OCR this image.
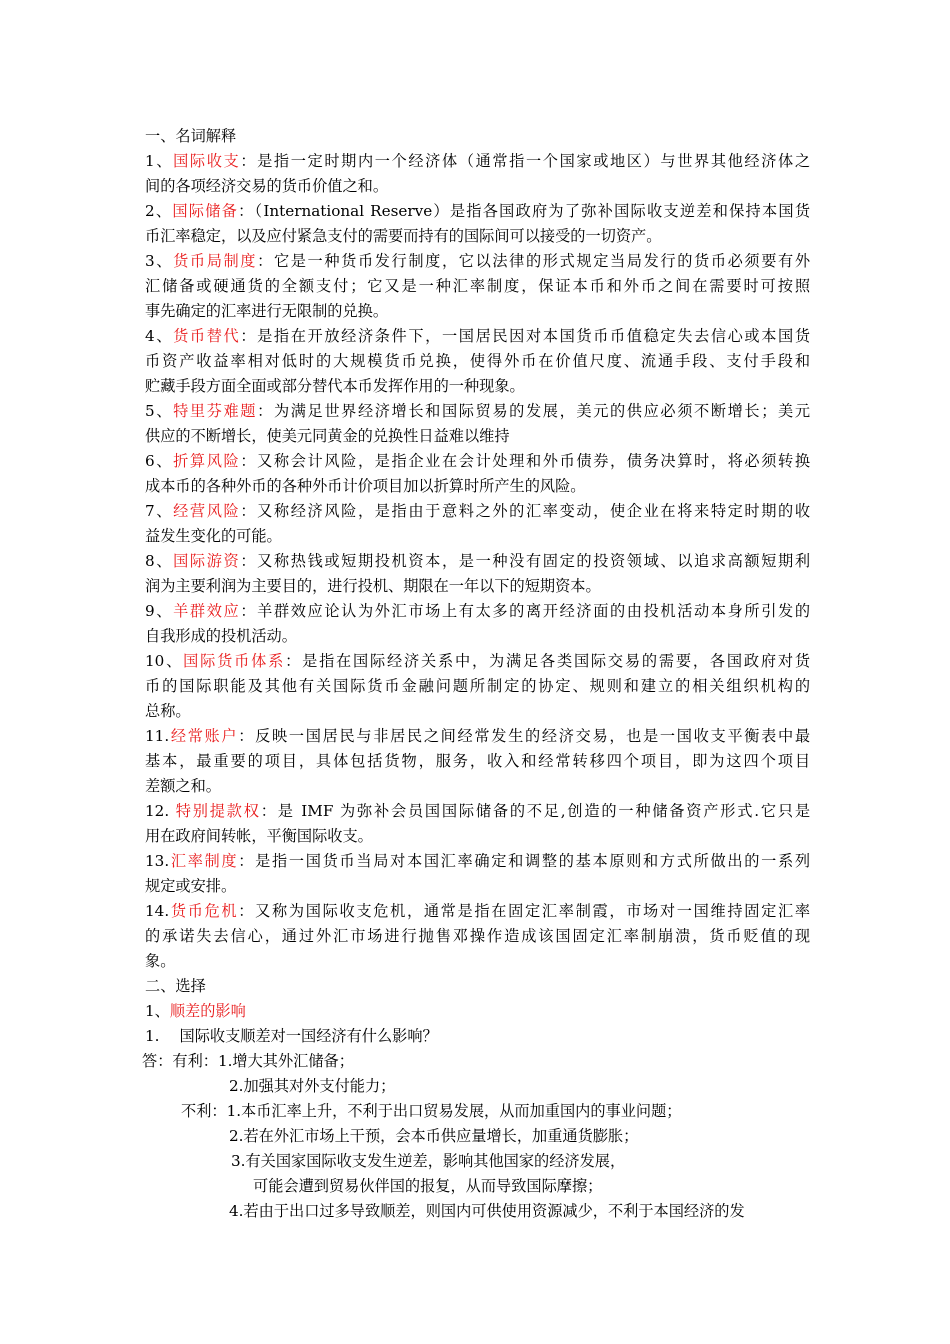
一、名词解释
1、国际收支：是指一定时期内一个经济体（通常指一个国家或地区）与世界其他经济体之
间的各项经济交易的货币价值之和。
2、国际储备：（International Reserve）是指各国政府为了弥补国际收支逆差和保持本国货
币汇率稳定，以及应付紧急支付的需要而持有的国际间可以接受的一切资产。
3、货币局制度：它是一种货币发行制度，它以法律的形式规定当局发行的货币必须要有外
汇储备或硬通货的全额支付；它又是一种汇率制度，保证本币和外币之间在需要时可按照
事先确定的汇率进行无限制的兑换。
4、货币替代：是指在开放经济条件下，一国居民因对本国货币币值稳定失去信心或本国货
币资产收益率相对低时的大规模货币兑换，使得外币在价值尺度、流通手段、支付手段和
贮藏手段方面全面或部分替代本币发挥作用的一种现象。
5、特里芬难题：为满足世界经济增长和国际贸易的发展，美元的供应必须不断增长；美元
供应的不断增长，使美元同黄金的兑换性日益难以维持
6、折算风险：又称会计风险，是指企业在会计处理和外币债券，债务决算时，将必须转换
成本币的各种外币的各种外币计价项目加以折算时所产生的风险。
7、经营风险：又称经济风险，是指由于意料之外的汇率变动，使企业在将来特定时期的收
益发生变化的可能。
8、国际游资：又称热钱或短期投机资本，是一种没有固定的投资领域、以追求高额短期利
润为主要利润为主要目的，进行投机、期限在一年以下的短期资本。
9、羊群效应：羊群效应论认为外汇市场上有太多的离开经济面的由投机活动本身所引发的
自我形成的投机活动。
10、国际货币体系：是指在国际经济关系中，为满足各类国际交易的需要，各国政府对货
币的国际职能及其他有关国际货币金融问题所制定的协定、规则和建立的相关组织机构的
总称。
11.经常账户：反映一国居民与非居民之间经常发生的经济交易，也是一国收支平衡表中最
基本，最重要的项目，具体包括货物，服务，收入和经常转移四个项目，即为这四个项目
差额之和。
12. 特别提款权：是 IMF 为弥补会员国国际储备的不足,创造的一种储备资产形式.它只是
用在政府间转帐，平衡国际收支。
13.汇率制度：是指一国货币当局对本国汇率确定和调整的基本原则和方式所做出的一系列
规定或安排。
14.货币危机：又称为国际收支危机，通常是指在固定汇率制霞，市场对一国维持固定汇率
的承诺失去信心，通过外汇市场进行抛售邓操作造成该国固定汇率制崩溃，货币贬值的现
象。
二、选择
1、顺差的影响
1. 国际收支顺差对一国经济有什么影响？
答：有利：1.增大其外汇储备；
2.加强其对外支付能力；
不利：1.本币汇率上升，不利于出口贸易发展，从而加重国内的事业问题；
2.若在外汇市场上干预，会本币供应量增长，加重通货膨胀；
3.有关国家国际收支发生逆差，影响其他国家的经济发展，
可能会遭到贸易伙伴国的报复，从而导致国际摩擦；
4.若由于出口过多导致顺差，则国内可供使用资源减少，不利于本国经济的发
